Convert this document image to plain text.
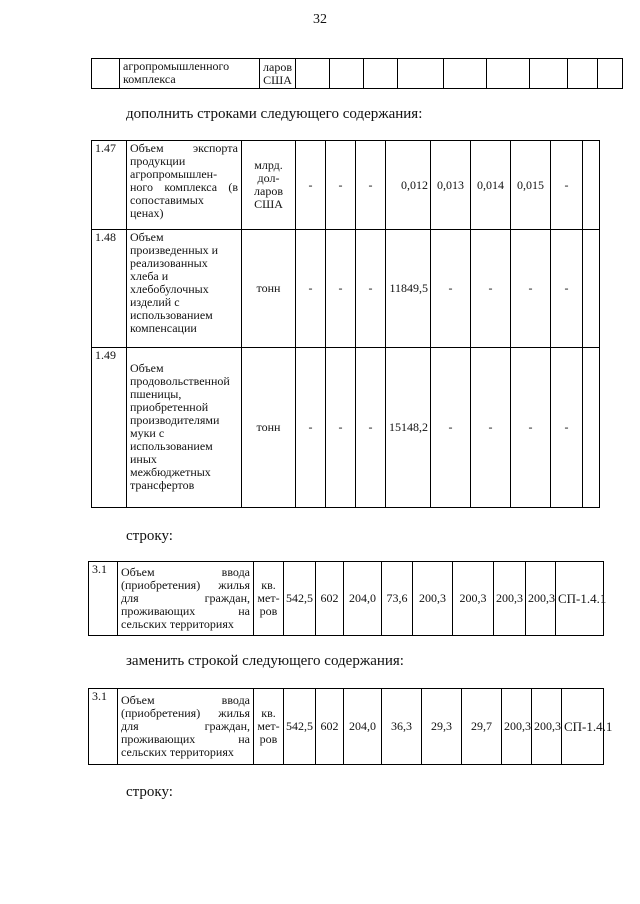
32
	агропромышленного комплекса	ларов США									
дополнить строками следующего содержания:
1.47	Объем экспорта продукции агропромышлен-ного комплекса (в сопоставимых ценах)	млрд. дол-ларов США	-	-	-	0,012	0,013	0,014	0,015	-	
1.48	Объем произведенных и реализованных хлеба и хлебобулочных изделий с использованием компенсации	тонн	-	-	-	11849,5	-	-	-	-	
1.49	Объем продовольственной пшеницы, приобретенной производителями муки с использованием иных межбюджетных трансфертов	тонн	-	-	-	15148,2	-	-	-	-	
строку:
3.1	Объем ввода (приобретения) жилья для граждан, проживающих на сельских территориях	кв. мет-ров	542,5	602	204,0	73,6	200,3	200,3	200,3	200,3	СП-1.4.1
заменить строкой следующего содержания:
3.1	Объем ввода (приобретения) жилья для граждан, проживающих на сельских территориях	кв. мет-ров	542,5	602	204,0	36,3	29,3	29,7	200,3	200,3	СП-1.4.1
строку:
